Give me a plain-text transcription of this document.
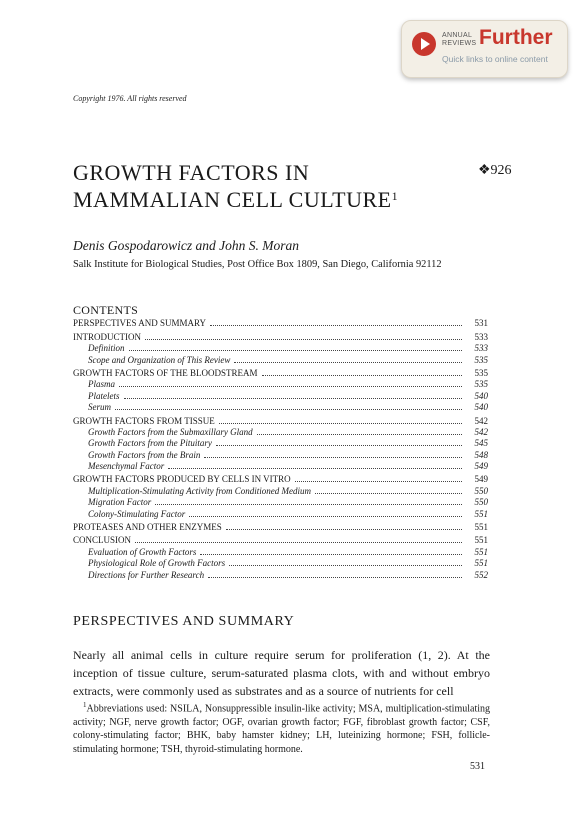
ANNUAL
REVIEWS Further
Quick links to online content
Copyright 1976. All rights reserved
GROWTH FACTORS IN
MAMMALIAN CELL CULTURE$^1$
❖926
Denis Gospodarowicz and John S. Moran
Salk Institute for Biological Studies, Post Office Box 1809, San Diego, California 92112
CONTENTS
PERSPECTIVES AND SUMMARY	531
INTRODUCTION	533
Definition	533
Scope and Organization of This Review	535
GROWTH FACTORS OF THE BLOODSTREAM	535
Plasma	535
Platelets	540
Serum	540
GROWTH FACTORS FROM TISSUE	542
Growth Factors from the Submaxillary Gland	542
Growth Factors from the Pituitary	545
Growth Factors from the Brain	548
Mesenchymal Factor	549
GROWTH FACTORS PRODUCED BY CELLS IN VITRO	549
Multiplication-Stimulating Activity from Conditioned Medium	550
Migration Factor	550
Colony-Stimulating Factor	551
PROTEASES AND OTHER ENZYMES	551
CONCLUSION	551
Evaluation of Growth Factors	551
Physiological Role of Growth Factors	551
Directions for Further Research	552
PERSPECTIVES AND SUMMARY
Nearly all animal cells in culture require serum for proliferation (1, 2). At the inception of tissue culture, serum-saturated plasma clots, with and without embryo extracts, were commonly used as substrates and as a source of nutrients for cell
$^1$Abbreviations used: NSILA, Nonsuppressible insulin-like activity; MSA, multiplication-stimulating activity; NGF, nerve growth factor; OGF, ovarian growth factor; FGF, fibroblast growth factor; CSF, colony-stimulating factor; BHK, baby hamster kidney; LH, luteinizing hormone; FSH, follicle-stimulating hormone; TSH, thyroid-stimulating hormone.
531
